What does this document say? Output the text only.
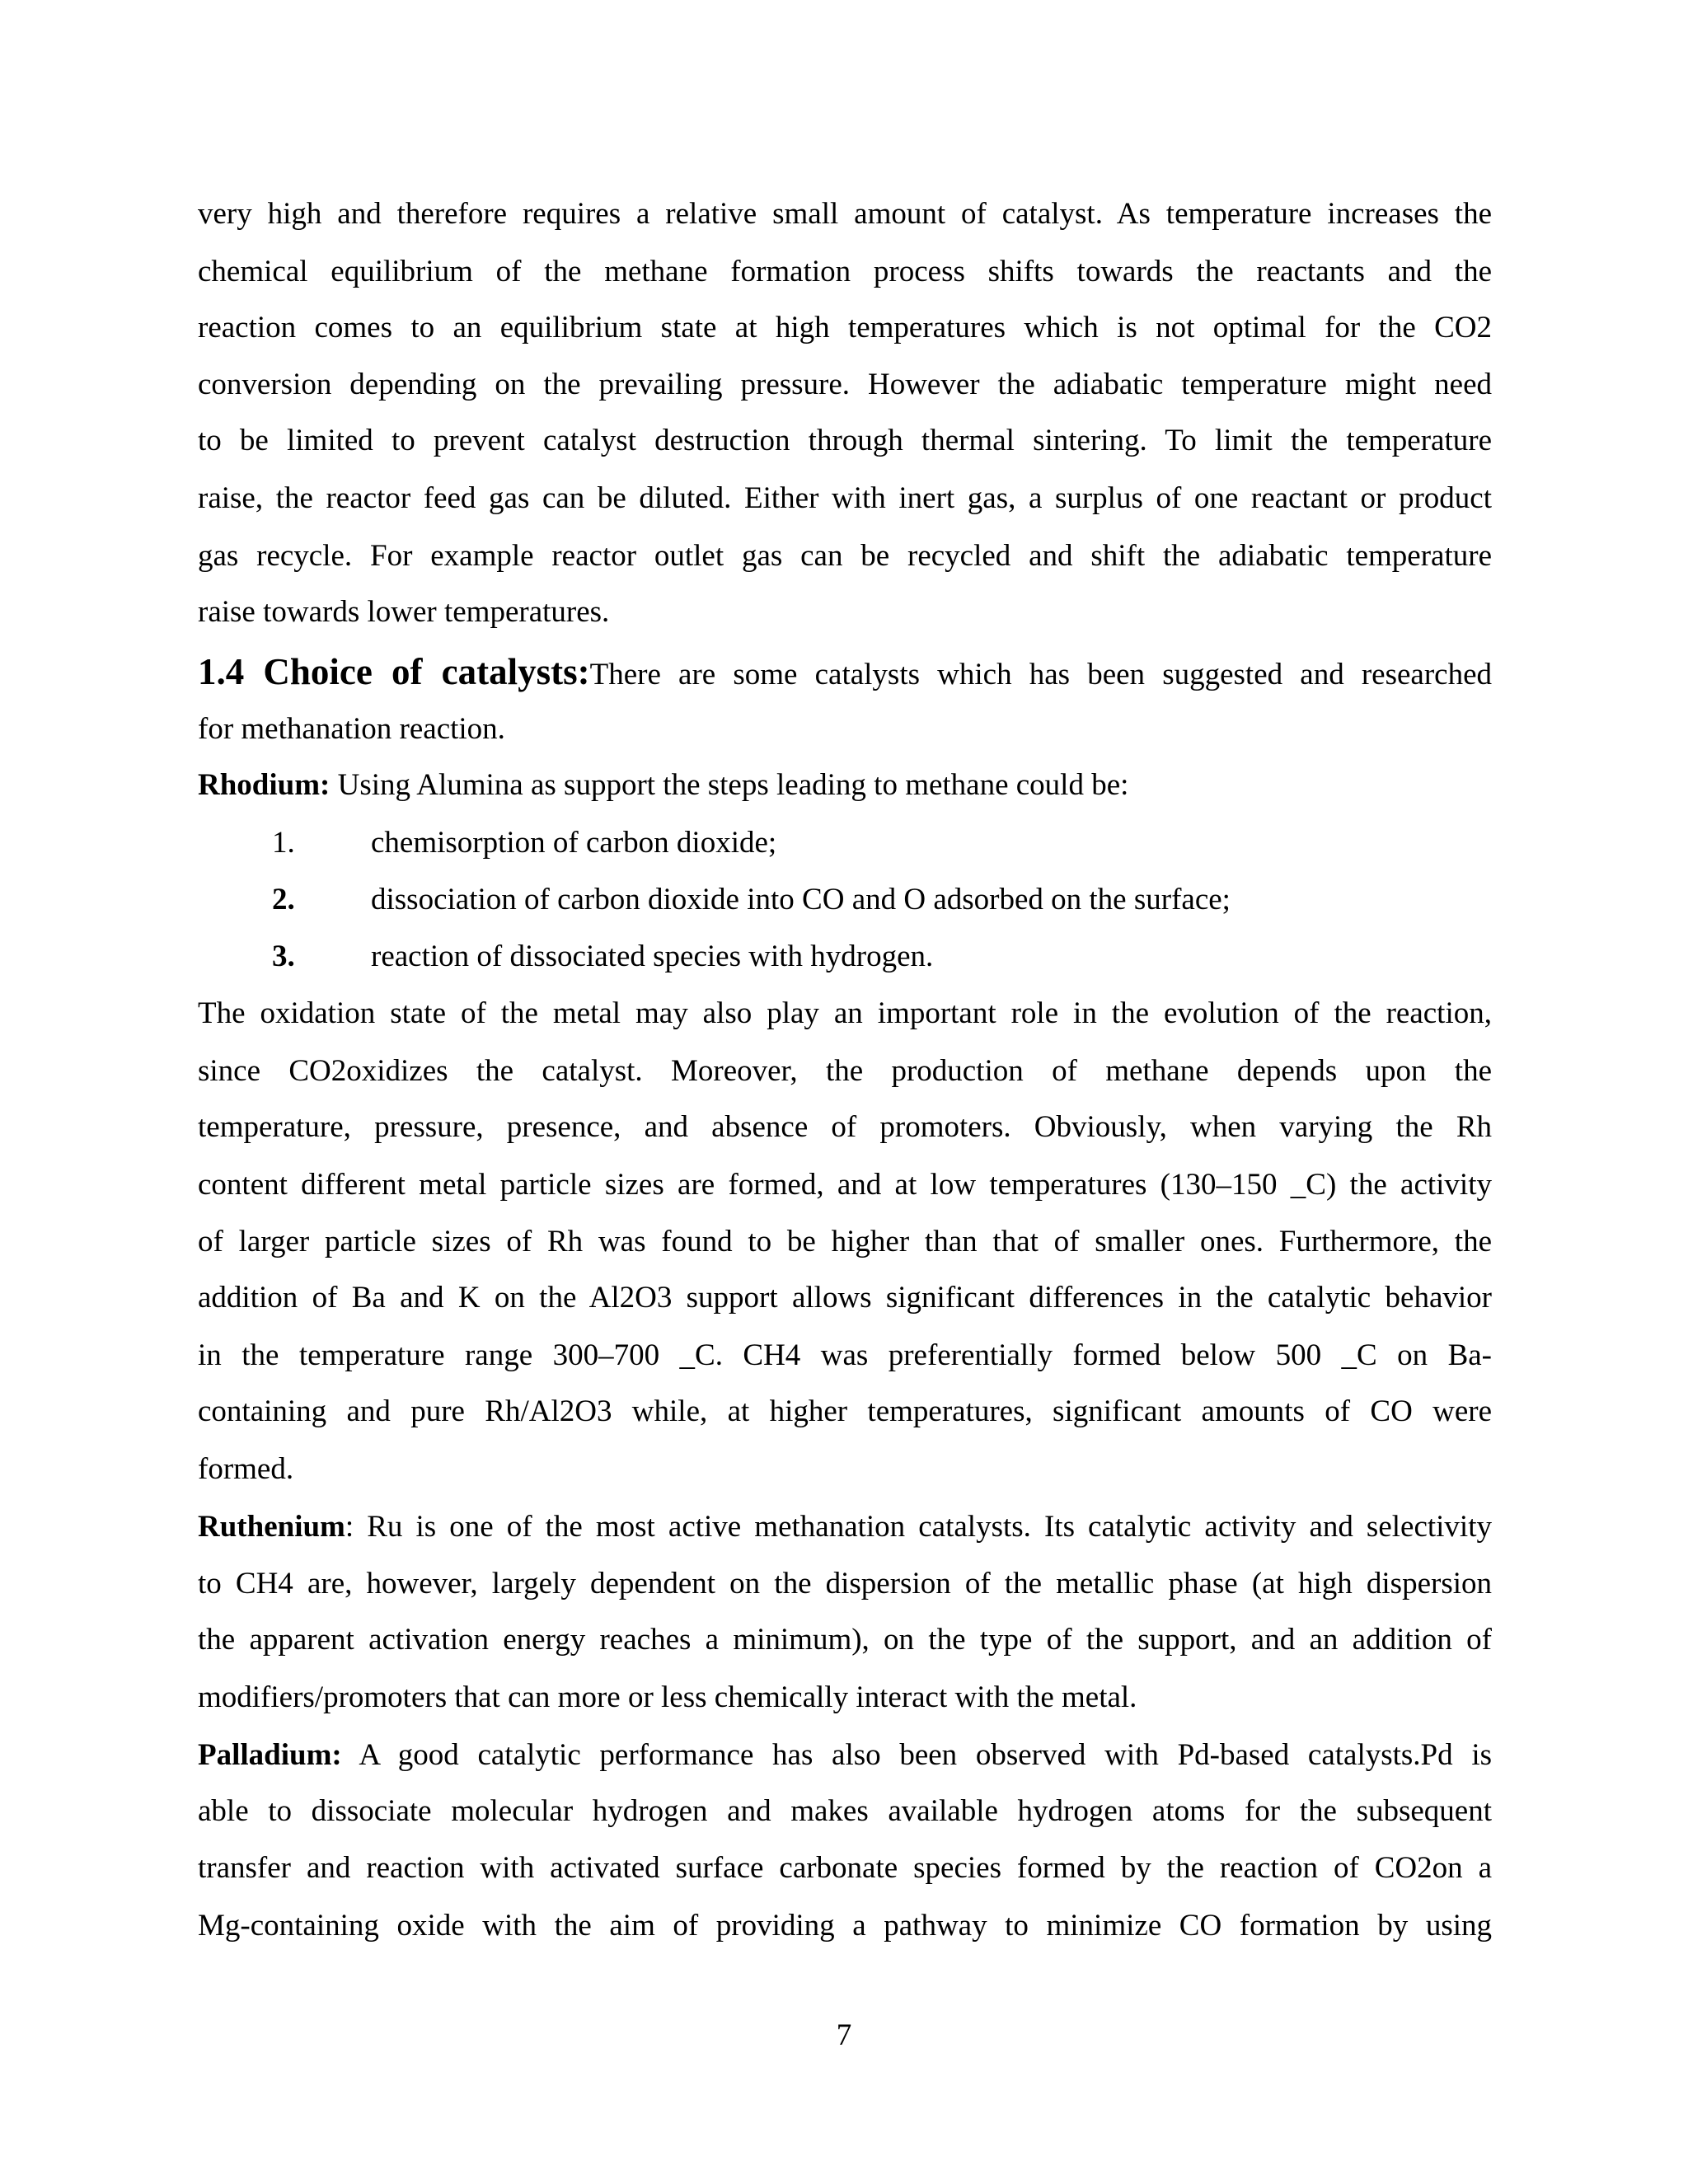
very high and therefore requires a relative small amount of catalyst. As temperature increases the
chemical equilibrium of the methane formation process shifts towards the reactants and the
reaction comes to an equilibrium state at high temperatures which is not optimal for the CO2
conversion depending on the prevailing pressure. However the adiabatic temperature might need
to be limited to prevent catalyst destruction through thermal sintering. To limit the temperature
raise, the reactor feed gas can be diluted. Either with inert gas, a surplus of one reactant or product
gas recycle. For example reactor outlet gas can be recycled and shift the adiabatic temperature
raise towards lower temperatures.
1.4 Choice of catalysts:There are some catalysts which has been suggested and researched
for methanation reaction.
Rhodium: Using Alumina as support the steps leading to methane could be:
1. chemisorption of carbon dioxide;
2. dissociation of carbon dioxide into CO and O adsorbed on the surface;
3. reaction of dissociated species with hydrogen.
The oxidation state of the metal may also play an important role in the evolution of the reaction,
since CO2oxidizes the catalyst. Moreover, the production of methane depends upon the
temperature, pressure, presence, and absence of promoters. Obviously, when varying the Rh
content different metal particle sizes are formed, and at low temperatures (130–150 _C) the activity
of larger particle sizes of Rh was found to be higher than that of smaller ones. Furthermore, the
addition of Ba and K on the Al2O3 support allows significant differences in the catalytic behavior
in the temperature range 300–700 _C. CH4 was preferentially formed below 500 _C on Ba-
containing and pure Rh/Al2O3 while, at higher temperatures, significant amounts of CO were
formed.
Ruthenium: Ru is one of the most active methanation catalysts. Its catalytic activity and selectivity
to CH4 are, however, largely dependent on the dispersion of the metallic phase (at high dispersion
the apparent activation energy reaches a minimum), on the type of the support, and an addition of
modifiers/promoters that can more or less chemically interact with the metal.
Palladium: A good catalytic performance has also been observed with Pd-based catalysts.Pd is
able to dissociate molecular hydrogen and makes available hydrogen atoms for the subsequent
transfer and reaction with activated surface carbonate species formed by the reaction of CO2on a
Mg-containing oxide with the aim of providing a pathway to minimize CO formation by using
7
